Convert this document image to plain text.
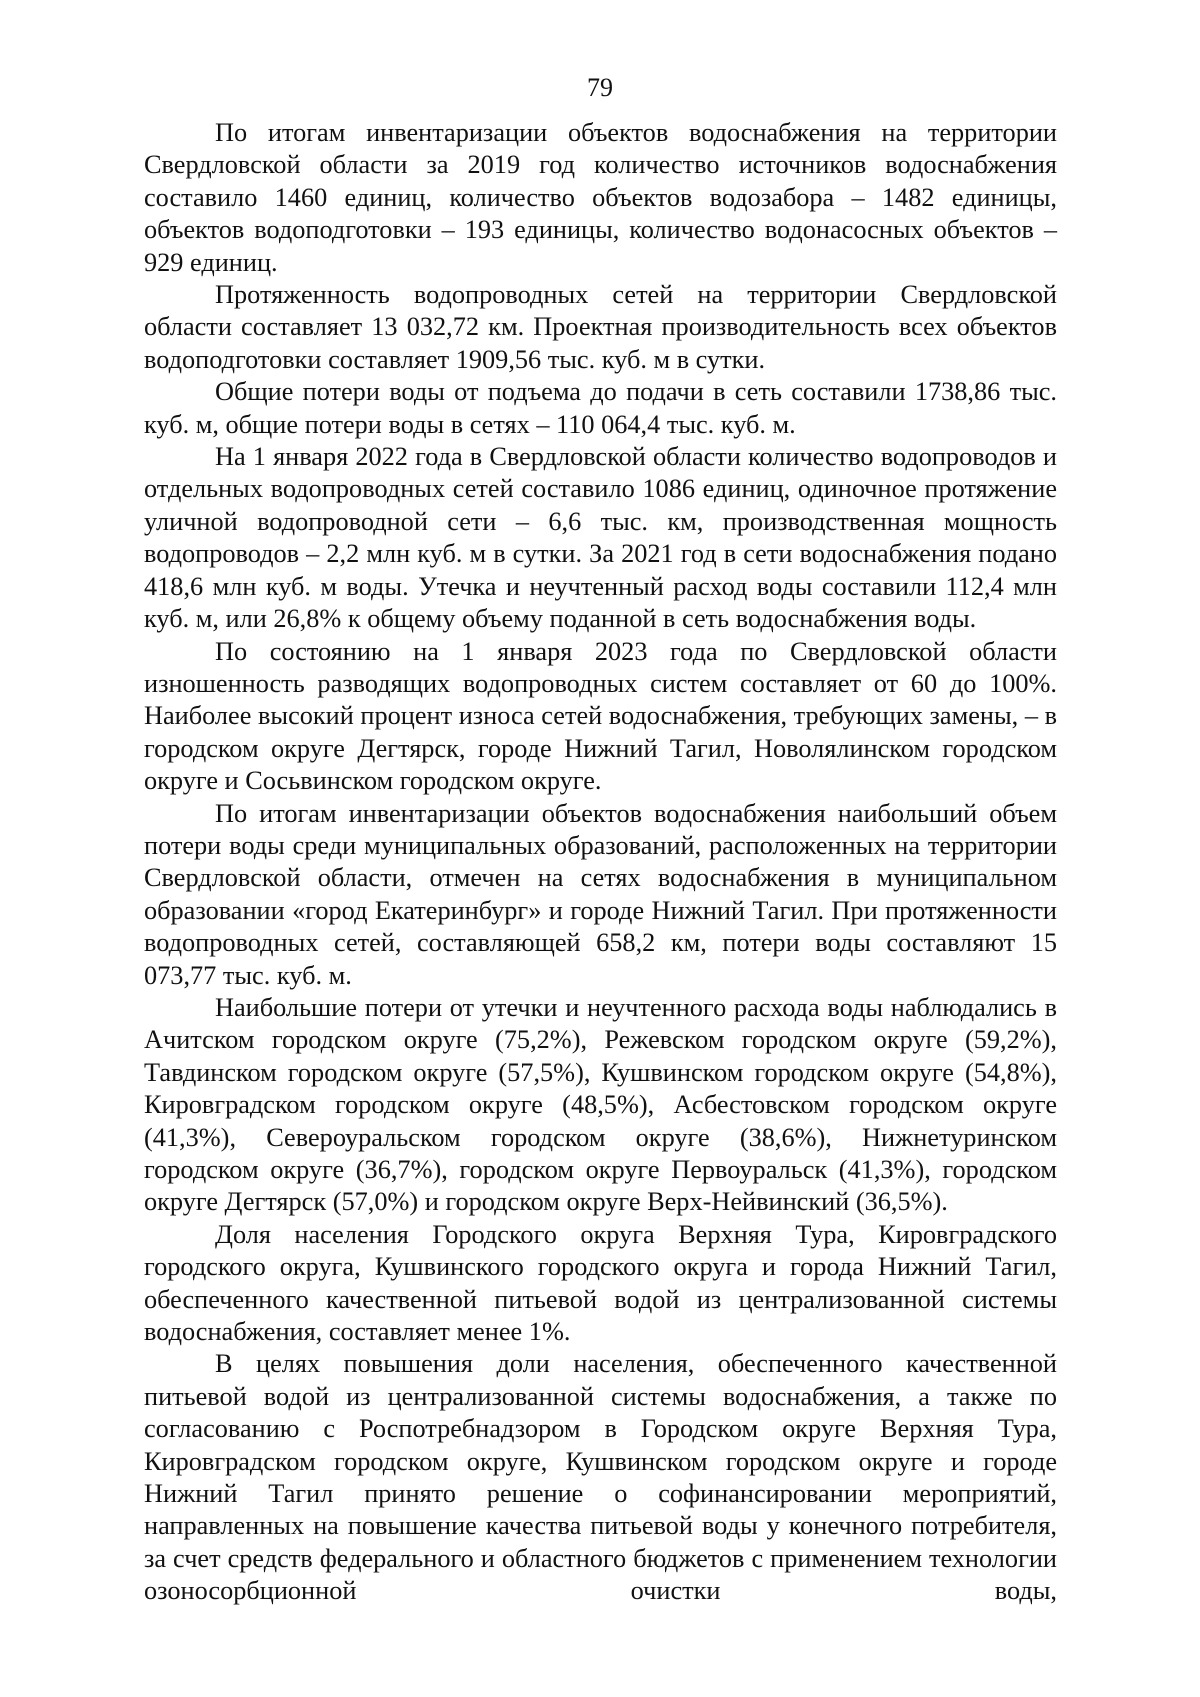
79

По итогам инвентаризации объектов водоснабжения на территории Свердловской области за 2019 год количество источников водоснабжения составило 1460 единиц, количество объектов водозабора – 1482 единицы, объектов водоподготовки – 193 единицы, количество водонасосных объектов – 929 единиц.

Протяженность водопроводных сетей на территории Свердловской области составляет 13 032,72 км. Проектная производительность всех объектов водоподготовки составляет 1909,56 тыс. куб. м в сутки.

Общие потери воды от подъема до подачи в сеть составили 1738,86 тыс. куб. м, общие потери воды в сетях – 110 064,4 тыс. куб. м.

На 1 января 2022 года в Свердловской области количество водопроводов и отдельных водопроводных сетей составило 1086 единиц, одиночное протяжение уличной водопроводной сети – 6,6 тыс. км, производственная мощность водопроводов – 2,2 млн куб. м в сутки. За 2021 год в сети водоснабжения подано 418,6 млн куб. м воды. Утечка и неучтенный расход воды составили 112,4 млн куб. м, или 26,8% к общему объему поданной в сеть водоснабжения воды.

По состоянию на 1 января 2023 года по Свердловской области изношенность разводящих водопроводных систем составляет от 60 до 100%. Наиболее высокий процент износа сетей водоснабжения, требующих замены, – в городском округе Дегтярск, городе Нижний Тагил, Новолялинском городском округе и Сосьвинском городском округе.

По итогам инвентаризации объектов водоснабжения наибольший объем потери воды среди муниципальных образований, расположенных на территории Свердловской области, отмечен на сетях водоснабжения в муниципальном образовании «город Екатеринбург» и городе Нижний Тагил. При протяженности водопроводных сетей, составляющей 658,2 км, потери воды составляют 15 073,77 тыс. куб. м.

Наибольшие потери от утечки и неучтенного расхода воды наблюдались в Ачитском городском округе (75,2%), Режевском городском округе (59,2%), Тавдинском городском округе (57,5%), Кушвинском городском округе (54,8%), Кировградском городском округе (48,5%), Асбестовском городском округе (41,3%), Североуральском городском округе (38,6%), Нижнетуринском городском округе (36,7%), городском округе Первоуральск (41,3%), городском округе Дегтярск (57,0%) и городском округе Верх-Нейвинский (36,5%).

Доля населения Городского округа Верхняя Тура, Кировградского городского округа, Кушвинского городского округа и города Нижний Тагил, обеспеченного качественной питьевой водой из централизованной системы водоснабжения, составляет менее 1%.

В целях повышения доли населения, обеспеченного качественной питьевой водой из централизованной системы водоснабжения, а также по согласованию с Роспотребнадзором в Городском округе Верхняя Тура, Кировградском городском округе, Кушвинском городском округе и городе Нижний Тагил принято решение о софинансировании мероприятий, направленных на повышение качества питьевой воды у конечного потребителя, за счет средств федерального и областного бюджетов с применением технологии озоносорбционной очистки воды,
